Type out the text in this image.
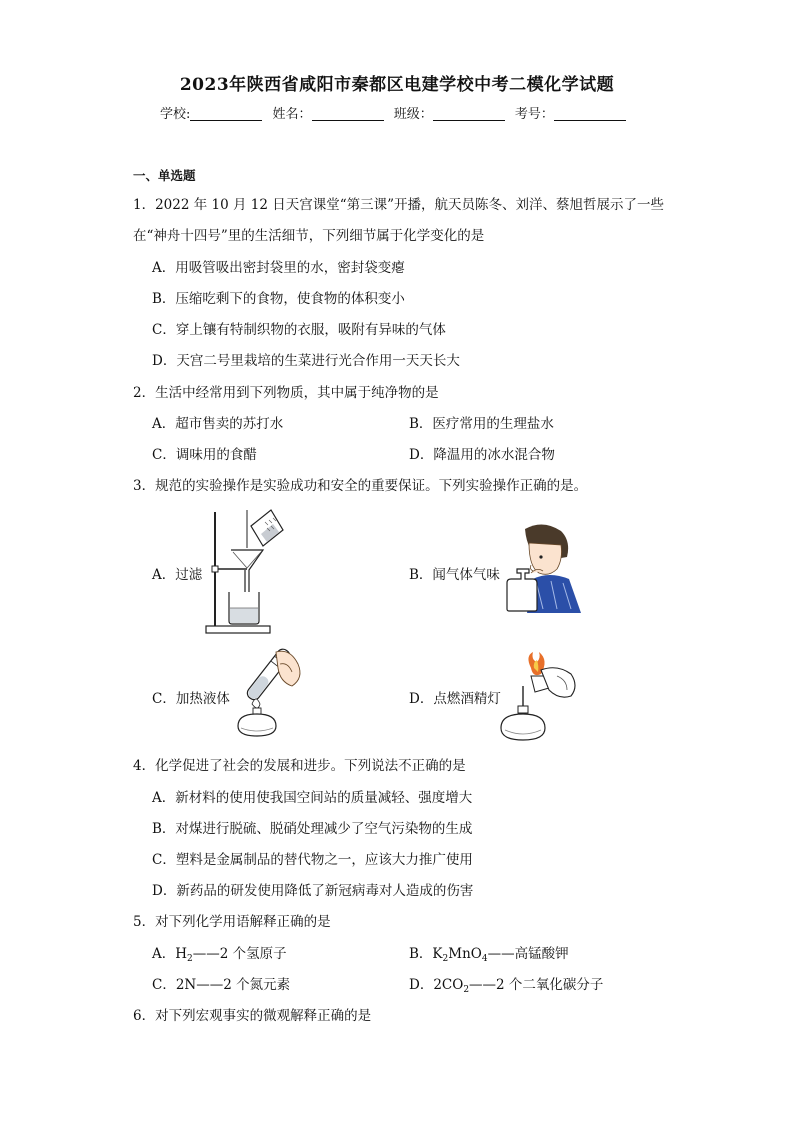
2023年陕西省咸阳市秦都区电建学校中考二模化学试题
学校:	姓名：	班级：	考号：
一、单选题
1．2022 年 10 月 12 日天宫课堂“第三课”开播，航天员陈冬、刘洋、蔡旭哲展示了一些
在“神舟十四号”里的生活细节，下列细节属于化学变化的是
A．用吸管吸出密封袋里的水，密封袋变瘪
B．压缩吃剩下的食物，使食物的体积变小
C．穿上镶有特制织物的衣服，吸附有异味的气体
D．天宫二号里栽培的生菜进行光合作用一天天长大
2．生活中经常用到下列物质，其中属于纯净物的是
A．超市售卖的苏打水	B．医疗常用的生理盐水
C．调味用的食醋	D．降温用的冰水混合物
3．规范的实验操作是实验成功和安全的重要保证。下列实验操作正确的是。
A．过滤	B．闻气体气味
C．加热液体	D．点燃酒精灯
4．化学促进了社会的发展和进步。下列说法不正确的是
A．新材料的使用使我国空间站的质量减轻、强度增大
B．对煤进行脱硫、脱硝处理减少了空气污染物的生成
C．塑料是金属制品的替代物之一，应该大力推广使用
D．新药品的研发使用降低了新冠病毒对人造成的伤害
5．对下列化学用语解释正确的是
A．$H_2——2$ 个氢原子	B．$K_2MnO_4——$高锰酸钾
C．2N——2 个氮元素	D．$2CO_2——2$ 个二氧化碳分子
6．对下列宏观事实的微观解释正确的是
